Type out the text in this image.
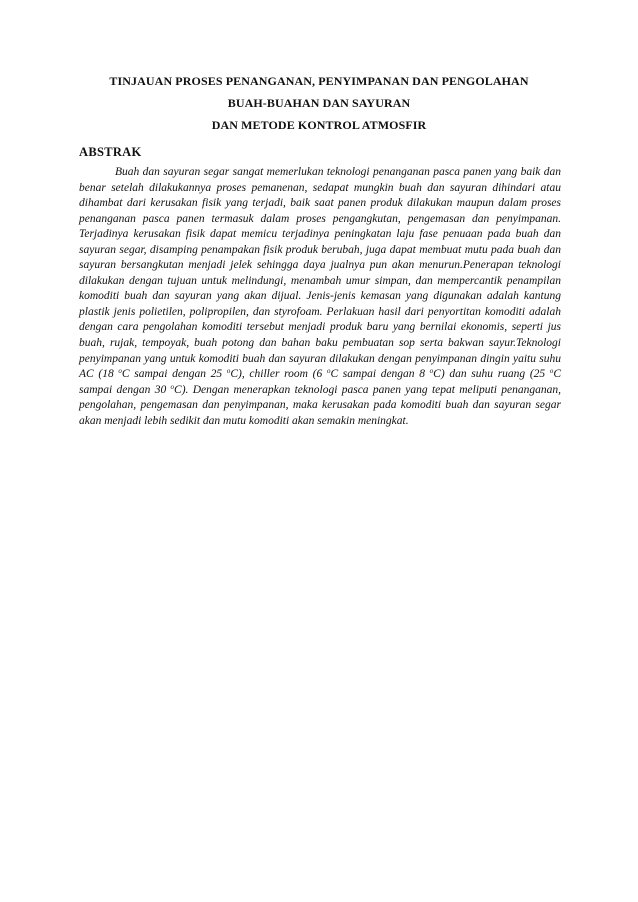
TINJAUAN PROSES PENANGANAN, PENYIMPANAN DAN PENGOLAHAN
BUAH-BUAHAN DAN SAYURAN
DAN METODE KONTROL ATMOSFIR
ABSTRAK

Buah dan sayuran segar sangat memerlukan teknologi penanganan pasca panen yang baik dan benar setelah dilakukannya proses pemanenan, sedapat mungkin buah dan sayuran dihindari atau dihambat dari kerusakan fisik yang terjadi, baik saat panen produk dilakukan maupun dalam proses penanganan pasca panen termasuk dalam proses pengangkutan, pengemasan dan penyimpanan. Terjadinya kerusakan fisik dapat memicu terjadinya peningkatan laju fase penuaan pada buah dan sayuran segar, disamping penampakan fisik produk berubah, juga dapat membuat mutu pada buah dan sayuran bersangkutan menjadi jelek sehingga daya jualnya pun akan menurun.Penerapan teknologi dilakukan dengan tujuan untuk melindungi, menambah umur simpan, dan mempercantik penampilan komoditi buah dan sayuran yang akan dijual. Jenis-jenis kemasan yang digunakan adalah kantung plastik jenis polietilen, polipropilen, dan styrofoam. Perlakuan hasil dari penyortitan komoditi adalah dengan cara pengolahan komoditi tersebut menjadi produk baru yang bernilai ekonomis, seperti jus buah, rujak, tempoyak, buah potong dan bahan baku pembuatan sop serta bakwan sayur.Teknologi penyimpanan yang untuk komoditi buah dan sayuran dilakukan dengan penyimpanan dingin yaitu suhu AC (18 $^o$C sampai dengan 25 $^o$C), chiller room (6 $^o$C sampai dengan 8 $^o$C) dan suhu ruang (25 $^o$C sampai dengan 30 $^o$C). Dengan menerapkan teknologi pasca panen yang tepat meliputi penanganan, pengolahan, pengemasan dan penyimpanan, maka kerusakan pada komoditi buah dan sayuran segar akan menjadi lebih sedikit dan mutu komoditi akan semakin meningkat.
